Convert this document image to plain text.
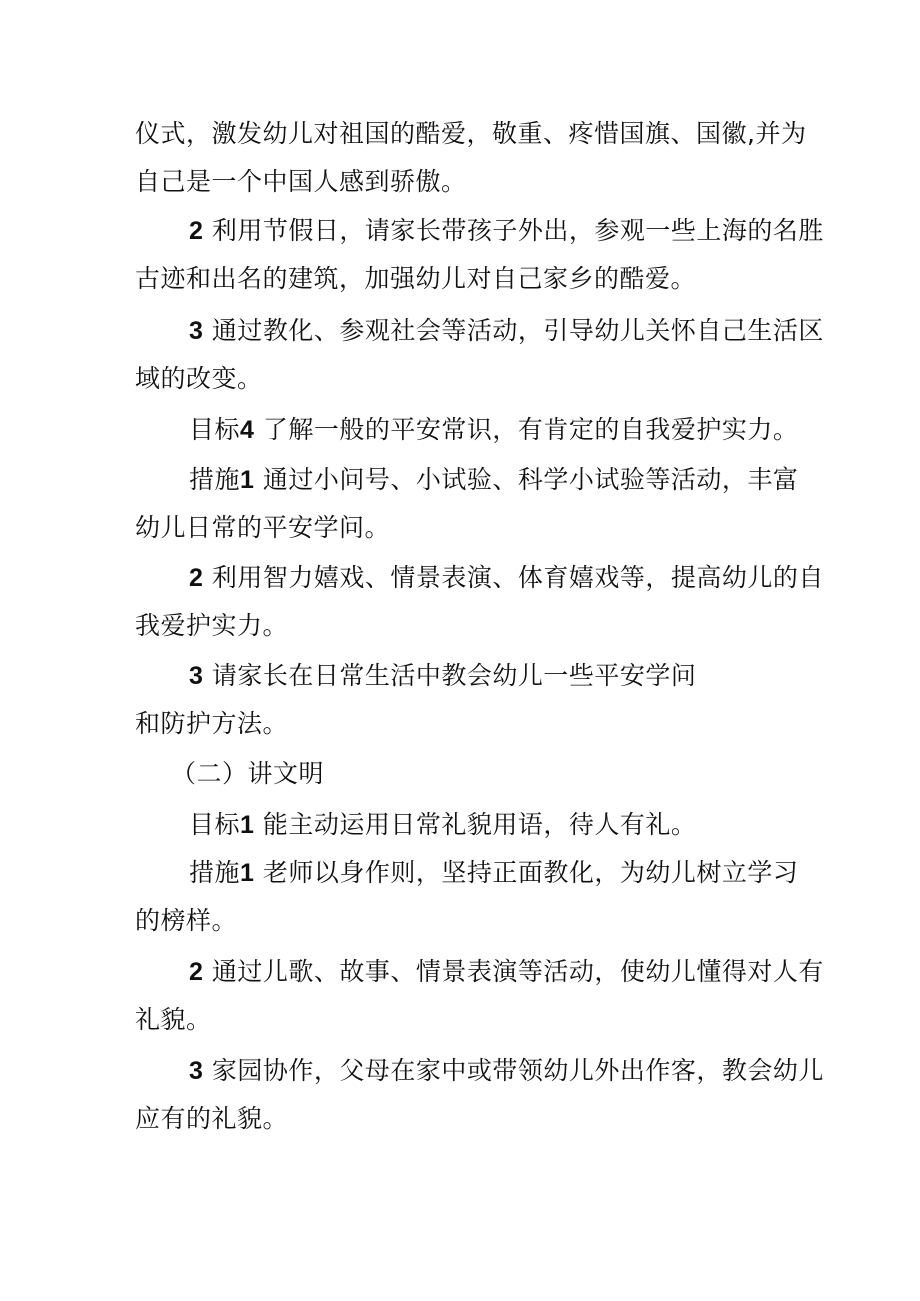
仪式，激发幼儿对祖国的酷爱，敬重、疼惜国旗、国徽,并为
自己是一个中国人感到骄傲。

2 利用节假日，请家长带孩子外出，参观一些上海的名胜
古迹和出名的建筑，加强幼儿对自己家乡的酷爱。

3 通过教化、参观社会等活动，引导幼儿关怀自己生活区
域的改变。

目标4 了解一般的平安常识，有肯定的自我爱护实力。

措施1 通过小问号、小试验、科学小试验等活动，丰富
幼儿日常的平安学问。

2 利用智力嬉戏、情景表演、体育嬉戏等，提高幼儿的自
我爱护实力。

3 请家长在日常生活中教会幼儿一些平安学问
和防护方法。

（二）讲文明

目标1 能主动运用日常礼貌用语，待人有礼。

措施1 老师以身作则，坚持正面教化，为幼儿树立学习
的榜样。

2 通过儿歌、故事、情景表演等活动，使幼儿懂得对人有
礼貌。

3 家园协作，父母在家中或带领幼儿外出作客，教会幼儿
应有的礼貌。
